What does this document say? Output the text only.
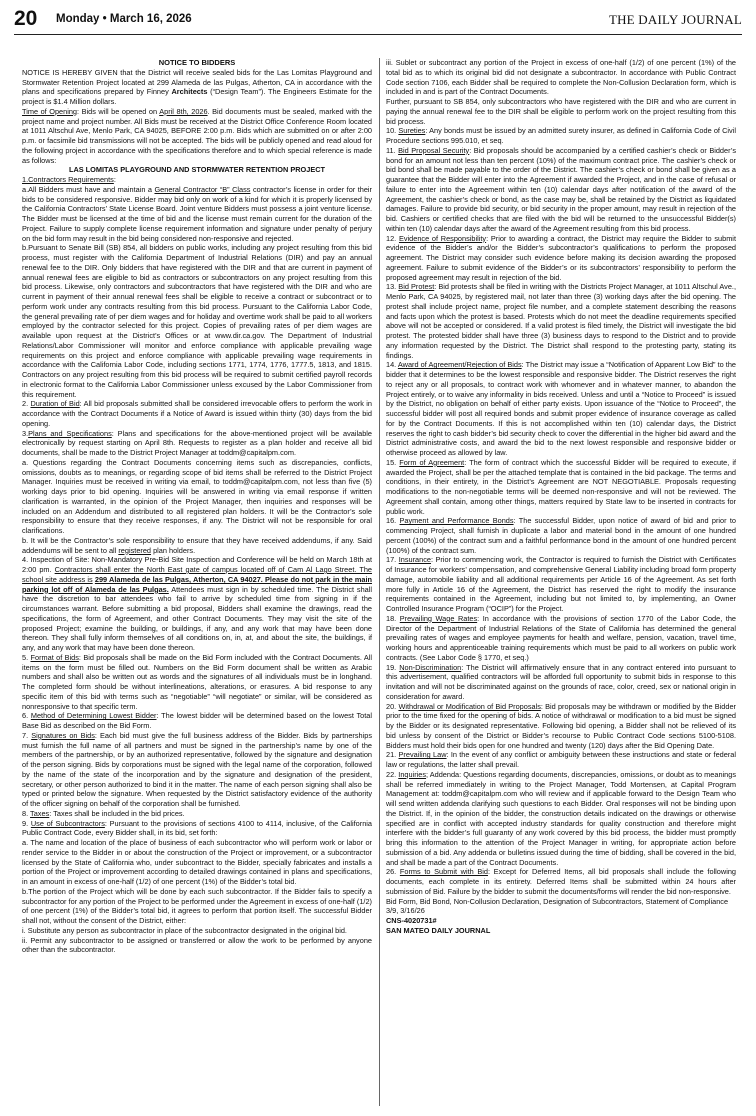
20 Monday • March 16, 2026	THE DAILY JOURNAL

NOTICE TO BIDDERS

NOTICE IS HEREBY GIVEN that the District will receive sealed bids for the Las Lomitas Playground and Stormwater Retention Project located at 299 Alameda de las Pulgas, Atherton, CA in accordance with the plans and specifications prepared by Finney Architects (“Design Team”). The Engineers Estimate for the project is $1.4 Million dollars.

Time of Opening: Bids will be opened on April 8th, 2026. Bid documents must be sealed, marked with the project name and project number. All Bids must be received at the District Office Conference Room located at 1011 Altschul Ave, Menlo Park, CA 94025, BEFORE 2:00 p.m. Bids which are submitted on or after 2:00 p.m. or facsimile bid transmissions will not be accepted. The bids will be publicly opened and read aloud for the following project in accordance with the specifications therefore and to which special reference is made as follows:

LAS LOMITAS PLAYGROUND AND STORMWATER RETENTION PROJECT

1.Contractors Requirements:

a.All Bidders must have and maintain a General Contractor “B” Class contractor’s license in order for their bids to be considered responsive. Bidder may bid only on work of a kind for which it is properly licensed by the California Contractors’ State License Board. Joint venture Bidders must possess a joint venture license. The Bidder must be licensed at the time of bid and the license must remain current for the duration of the Project. Failure to supply complete license requirement information and signature under penalty of perjury on the bid form may result in the bid being considered non-responsive and rejected.

b.Pursuant to Senate Bill (SB) 854, all bidders on public works, including any project resulting from this bid process, must register with the California Department of Industrial Relations (DIR) and pay an annual renewal fee to the DIR. Only bidders that have registered with the DIR and that are current in payment of annual renewal fees are eligible to bid as contractors or subcontractors on any project resulting from this bid process. Likewise, only contractors and subcontractors that have registered with the DIR and who are current in payment of their annual renewal fees shall be eligible to receive a contract or subcontract or to perform work under any contracts resulting from this bid process. Pursuant to the California Labor Code, the general prevailing rate of per diem wages and for holiday and overtime work shall be paid to all workers employed by the contractor selected for this project. Copies of prevailing rates of per diem wages are available upon request at the District’s Offices or at www.dir.ca.gov. The Department of Industrial Relations/Labor Commissioner will monitor and enforce compliance with applicable prevailing wage requirements on this project and enforce compliance with applicable prevailing wage requirements in accordance with the California Labor Code, including sections 1771, 1774, 1776, 1777.5, 1813, and 1815. Contractors on any project resulting from this bid process will be required to submit certified payroll records in electronic format to the California Labor Commissioner unless excused by the Labor Commissioner from this requirement.

2. Duration of Bid: All bid proposals submitted shall be considered irrevocable offers to perform the work in accordance with the Contract Documents if a Notice of Award is issued within thirty (30) days from the bid opening.

3.Plans and Specifications: Plans and specifications for the above-mentioned project will be available electronically by request starting on April 8th. Requests to register as a plan holder and receive all bid documents, shall be made to the District Project Manager at toddm@capitalpm.com.

a. Questions regarding the Contract Documents concerning items such as discrepancies, conflicts, omissions, doubts as to meanings, or regarding scope of bid items shall be referred to the District Project Manager. Inquiries must be received in writing via email, to toddm@capitalpm.com, not less than five (5) working days prior to bid opening. Inquiries will be answered in writing via email response if written clarification is warranted, in the opinion of the Project Manager, then inquiries and responses will be included on an Addendum and distributed to all registered plan holders. It will be the Contractor’s sole responsibility to ensure that they receive responses, if any. The District will not be responsible for oral clarifications.

b. It will be the Contractor’s sole responsibility to ensure that they have received addendums, if any. Said addendums will be sent to all registered plan holders.

4. Inspection of Site: Non-Mandatory Pre-Bid Site Inspection and Conference will be held on March 18th at 2:00 pm. Contractors shall enter the North East gate of campus located off of Cam Al Lago Street. The school site address is 299 Alameda de las Pulgas, Atherton, CA 94027. Please do not park in the main parking lot off of Alameda de las Pulgas. Attendees must sign in by scheduled time. The District shall have the discretion to bar attendees who fail to arrive by scheduled time from signing in if the circumstances warrant. Before submitting a bid proposal, Bidders shall examine the drawings, read the specifications, the form of Agreement, and other Contract Documents. They may visit the site of the proposed Project; examine the building, or buildings, if any, and any work that may have been done thereon. They shall fully inform themselves of all conditions on, in, at, and about the site, the buildings, if any, and any work that may have been done thereon.

5. Format of Bids: Bid proposals shall be made on the Bid Form included with the Contract Documents. All items on the form must be filled out. Numbers on the Bid Form document shall be written as Arabic numbers and shall also be written out as words and the signatures of all individuals must be in longhand. The completed form should be without interlineations, alterations, or erasures. A bid response to any specific item of this bid with terms such as “negotiable” “will negotiate” or similar, will be considered as nonresponsive to that specific term.

6. Method of Determining Lowest Bidder: The lowest bidder will be determined based on the lowest Total Base Bid as described on the Bid Form.

7. Signatures on Bids: Each bid must give the full business address of the Bidder. Bids by partnerships must furnish the full name of all partners and must be signed in the partnership’s name by one of the members of the partnership, or by an authorized representative, followed by the signature and designation of the person signing. Bids by corporations must be signed with the legal name of the corporation, followed by the name of the state of the incorporation and by the signature and designation of the president, secretary, or other person authorized to bind it in the matter. The name of each person signing shall also be typed or printed below the signature. When requested by the District satisfactory evidence of the authority of the officer signing on behalf of the corporation shall be furnished.

8. Taxes: Taxes shall be included in the bid prices.

9. Use of Subcontractors: Pursuant to the provisions of sections 4100 to 4114, inclusive, of the California Public Contract Code, every Bidder shall, in its bid, set forth:

a. The name and location of the place of business of each subcontractor who will perform work or labor or render service to the Bidder in or about the construction of the Project or improvement, or a subcontractor licensed by the State of California who, under subcontract to the Bidder, specially fabricates and installs a portion of the Project or improvement according to detailed drawings contained in plans and specifications, in an amount in excess of one-half (1/2) of one percent (1%) of the Bidder’s total bid.

b.The portion of the Project which will be done by each such subcontractor. If the Bidder fails to specify a subcontractor for any portion of the Project to be performed under the Agreement in excess of one-half (1/2) of one percent (1%) of the Bidder’s total bid, it agrees to perform that portion itself. The successful Bidder shall not, without the consent of the District, either:

i. Substitute any person as subcontractor in place of the subcontractor designated in the original bid.

ii. Permit any subcontractor to be assigned or transferred or allow the work to be performed by anyone other than the subcontractor.

iii. Sublet or subcontract any portion of the Project in excess of one-half (1/2) of one percent (1%) of the total bid as to which its original bid did not designate a subcontractor. In accordance with Public Contract Code section 7106, each Bidder shall be required to complete the Non-Collusion Declaration form, which is included in and is part of the Contract Documents.

Further, pursuant to SB 854, only subcontractors who have registered with the DIR and who are current in paying the annual renewal fee to the DIR shall be eligible to perform work on the project resulting from this bid process.

10. Sureties: Any bonds must be issued by an admitted surety insurer, as defined in California Code of Civil Procedure sections 995.010, et seq.

11. Bid Proposal Security: Bid proposals should be accompanied by a certified cashier’s check or Bidder’s bond for an amount not less than ten percent (10%) of the maximum contract price. The cashier’s check or bid bond shall be made payable to the order of the District. The cashier’s check or bond shall be given as a guarantee that the Bidder will enter into the Agreement if awarded the Project, and in the case of refusal or failure to enter into the Agreement within ten (10) calendar days after notification of the award of the Agreement, the cashier’s check or bond, as the case may be, shall be retained by the District as liquidated damages. Failure to provide bid security, or bid security in the proper amount, may result in rejection of the bid. Cashiers or certified checks that are filed with the bid will be returned to the unsuccessful Bidder(s) within ten (10) calendar days after the award of the Agreement resulting from this bid process.

12. Evidence of Responsibility: Prior to awarding a contract, the District may require the Bidder to submit evidence of the Bidder’s and/or the Bidder’s subcontractor’s qualifications to perform the proposed agreement. The District may consider such evidence before making its decision awarding the proposed agreement. Failure to submit evidence of the Bidder’s or its subcontractors’ responsibility to perform the proposed agreement may result in rejection of the bid.

13. Bid Protest: Bid protests shall be filed in writing with the Districts Project Manager, at 1011 Altschul Ave., Menlo Park, CA 94025, by registered mail, not later than three (3) working days after the bid opening. The protest shall include project name, project file number, and a complete statement describing the reasons and facts upon which the protest is based. Protests which do not meet the deadline requirements specified above will not be accepted or considered. If a valid protest is filed timely, the District will investigate the bid protest. The protested bidder shall have three (3) business days to respond to the District and to provide any information requested by the District. The District shall respond to the protesting party, stating its findings.

14. Award of Agreement/Rejection of Bids: The District may issue a “Notification of Apparent Low Bid” to the bidder that it determines to be the lowest responsible and responsive bidder. The District reserves the right to reject any or all proposals, to contract work with whomever and in whatever manner, to abandon the Project entirely, or to waive any informality in bids received. Unless and until a “Notice to Proceed” is issued by the District, no obligation on behalf of either party exists. Upon issuance of the “Notice to Proceed”, the successful bidder will post all required bonds and submit proper evidence of insurance coverage as called for by the Contract Documents. If this is not accomplished within ten (10) calendar days, the District reserves the right to cash bidder’s bid security check to cover the differential in the higher bid award and the District administrative costs, and award the bid to the next lowest responsible and responsive bidder or otherwise proceed as allowed by law.

15. Form of Agreement: The form of contract which the successful Bidder will be required to execute, if awarded the Project, shall be per the attached template that is contained in the bid package. The terms and conditions, in their entirety, in the District’s Agreement are NOT NEGOTIABLE. Proposals requesting modifications to the non-negotiable terms will be deemed non-responsive and will not be reviewed. The Agreement shall contain, among other things, matters required by State law to be inserted in contracts for public work.

16. Payment and Performance Bonds: The successful Bidder, upon notice of award of bid and prior to commencing Project, shall furnish in duplicate a labor and material bond in the amount of one hundred percent (100%) of the contract sum and a faithful performance bond in the amount of one hundred percent (100%) of the contract sum.

17. Insurance: Prior to commencing work, the Contractor is required to furnish the District with Certificates of Insurance for workers’ compensation, and comprehensive General Liability including broad form property damage, automobile liability and all additional requirements per Article 16 of the Agreement. As set forth more fully in Article 16 of the Agreement, the District has reserved the right to modify the insurance requirements contained in the Agreement, including but not limited to, by implementing, an Owner Controlled Insurance Program (“OCIP”) for the Project.

18. Prevailing Wage Rates: In accordance with the provisions of section 1770 of the Labor Code, the Director of the Department of Industrial Relations of the State of California has determined the general prevailing rates of wages and employee payments for health and welfare, pension, vacation, travel time, working hours and apprenticeable training requirements which must be paid to all workers on public work contracts. (See Labor Code § 1770, et seq.)

19. Non-Discrimination: The District will affirmatively ensure that in any contract entered into pursuant to this advertisement, qualified contractors will be afforded full opportunity to submit bids in response to this invitation and will not be discriminated against on the grounds of race, color, creed, sex or national origin in consideration for award.

20. Withdrawal or Modification of Bid Proposals: Bid proposals may be withdrawn or modified by the Bidder prior to the time fixed for the opening of bids. A notice of withdrawal or modification to a bid must be signed by the Bidder or its designated representative. Following bid opening, a Bidder shall not be relieved of its bid unless by consent of the District or Bidder’s recourse to Public Contract Code sections 5100-5108. Bidders must hold their bids open for one hundred and twenty (120) days after the Bid Opening Date.

21. Prevailing Law: In the event of any conflict or ambiguity between these instructions and state or federal law or regulations, the latter shall prevail.

22. Inquiries; Addenda: Questions regarding documents, discrepancies, omissions, or doubt as to meanings shall be referred immediately in writing to the Project Manager, Todd Mortensen, at Capital Program Management at: toddm@capitalpm.com who will review and if applicable forward to the Design Team who will send written addenda clarifying such questions to each Bidder. Oral responses will not be binding upon the District. If, in the opinion of the bidder, the construction details indicated on the drawings or otherwise specified are in conflict with accepted industry standards for quality construction and therefore might interfere with the bidder’s full guaranty of any work covered by this bid process, the bidder must promptly bring this information to the attention of the Project Manager in writing, for appropriate action before submission of a bid. Any addenda or bulletins issued during the time of bidding, shall be covered in the bid, and shall be made a part of the Contract Documents.

26. Forms to Submit with Bid: Except for Deferred Items, all bid proposals shall include the following documents, each complete in its entirety. Deferred Items shall be submitted within 24 hours after submission of Bid. Failure by the bidder to submit the documents/forms will render the bid non-responsive.

Bid Form, Bid Bond, Non-Collusion Declaration, Designation of Subcontractors, Statement of Compliance

3/9, 3/16/26

CNS-4020731#

SAN MATEO DAILY JOURNAL
